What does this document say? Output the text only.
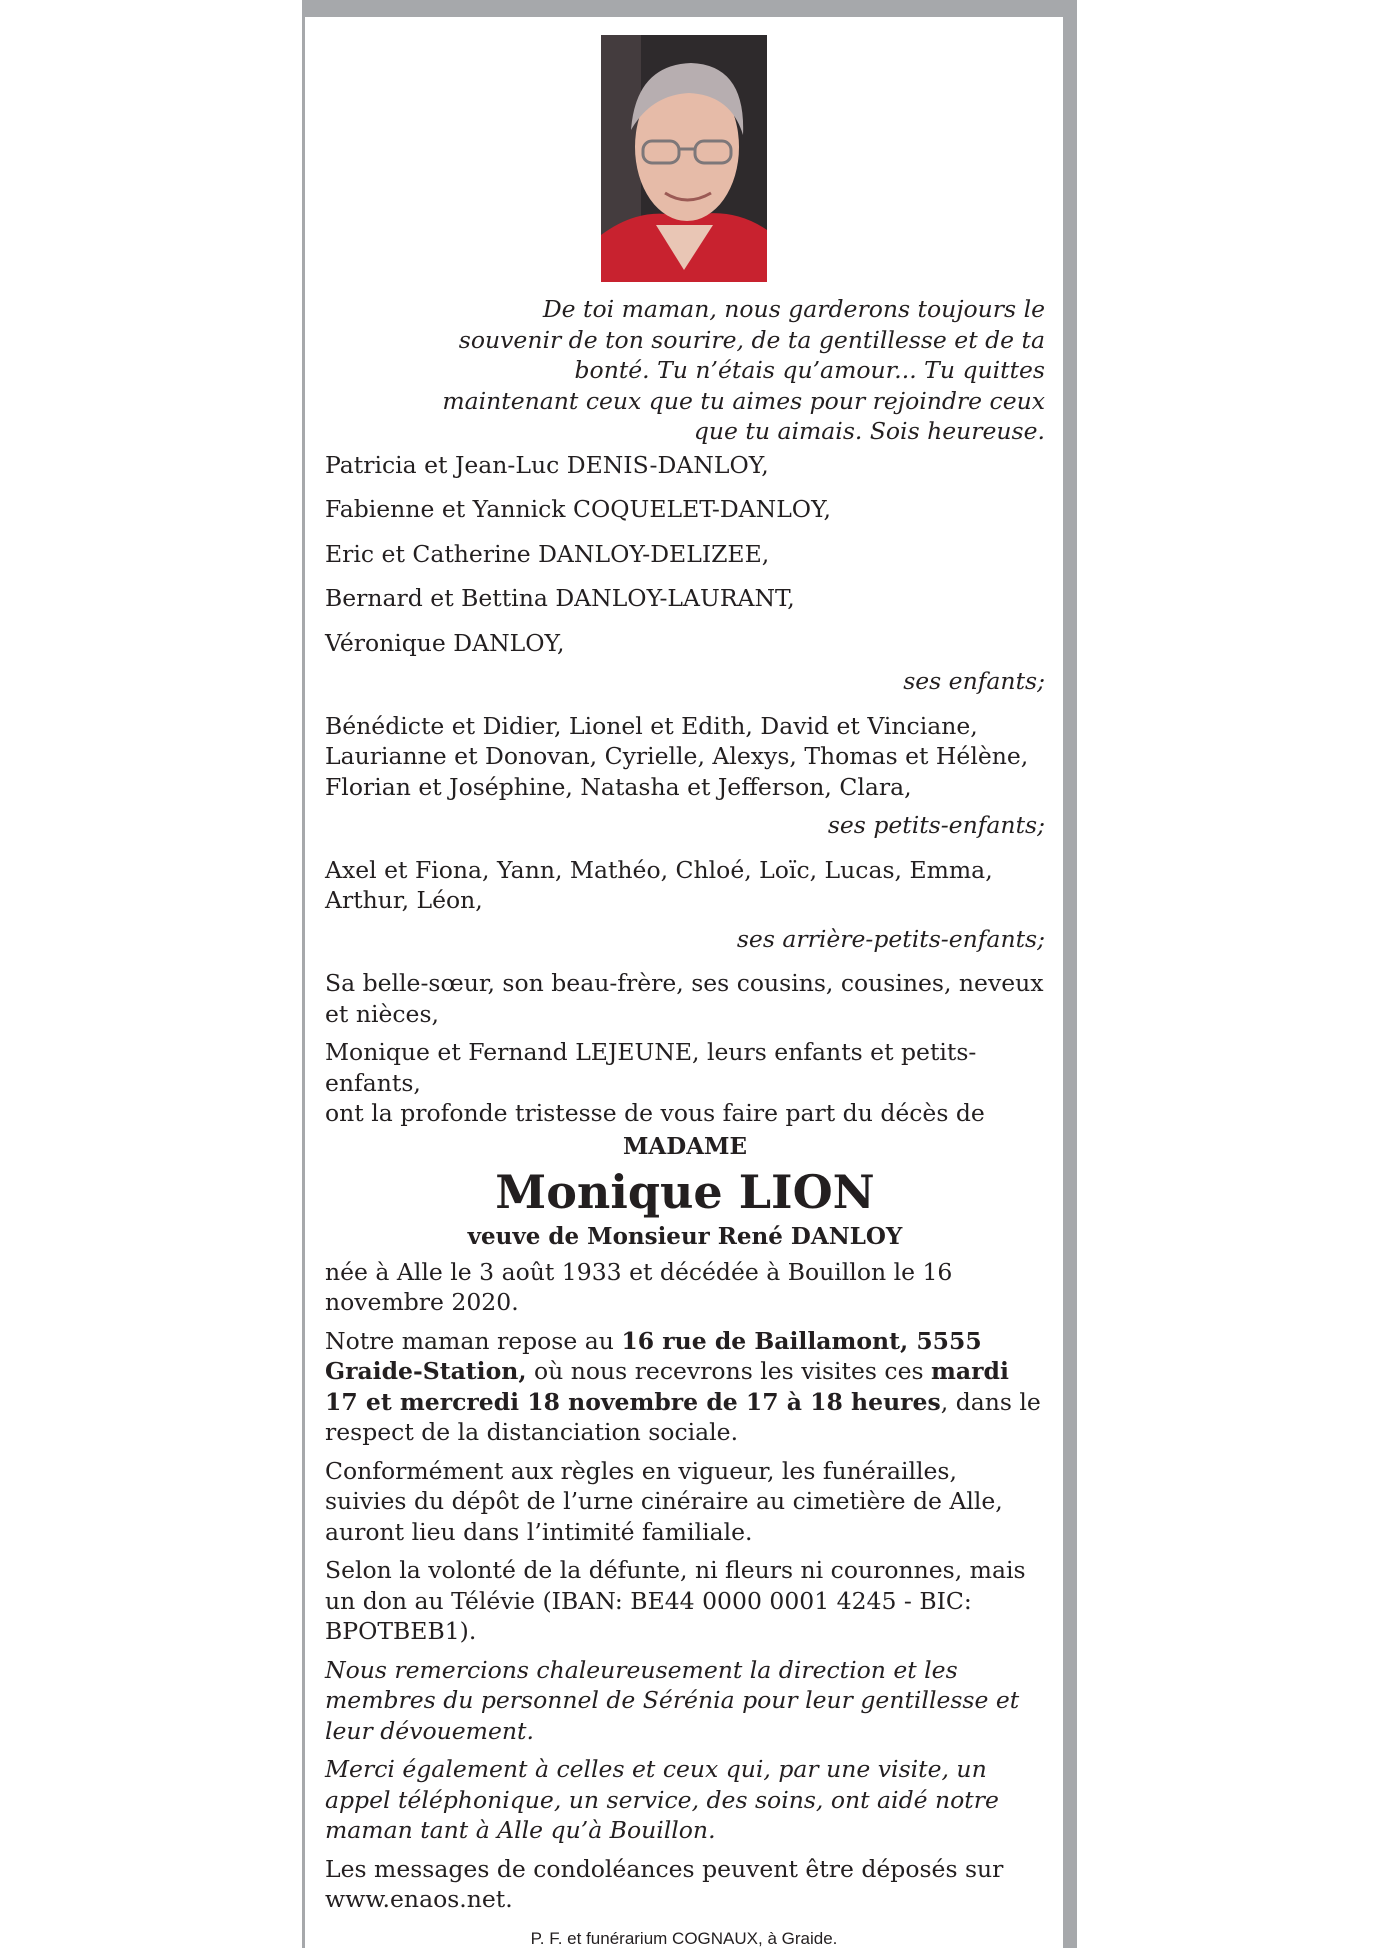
De toi maman, nous garderons toujours le souvenir de ton sourire, de ta gentillesse et de ta bonté. Tu n’étais qu’amour... Tu quittes maintenant ceux que tu aimes pour rejoindre ceux que tu aimais. Sois heureuse.

Patricia et Jean-Luc DENIS-DANLOY,

Fabienne et Yannick COQUELET-DANLOY,

Eric et Catherine DANLOY-DELIZEE,

Bernard et Bettina DANLOY-LAURANT,

Véronique DANLOY,

ses enfants;

Bénédicte et Didier, Lionel et Edith, David et Vinciane, Laurianne et Donovan, Cyrielle, Alexys, Thomas et Hélène, Florian et Joséphine, Natasha et Jefferson, Clara,

ses petits-enfants;

Axel et Fiona, Yann, Mathéo, Chloé, Loïc, Lucas, Emma, Arthur, Léon,

ses arrière-petits-enfants;

Sa belle-sœur, son beau-frère, ses cousins, cousines, neveux et nièces,

Monique et Fernand LEJEUNE, leurs enfants et petits-enfants,

ont la profonde tristesse de vous faire part du décès de

MADAME

Monique LION

veuve de Monsieur René DANLOY

née à Alle le 3 août 1933 et décédée à Bouillon le 16 novembre 2020.

Notre maman repose au 16 rue de Baillamont, 5555 Graide-Station, où nous recevrons les visites ces mardi 17 et mercredi 18 novembre de 17 à 18 heures, dans le respect de la distanciation sociale.

Conformément aux règles en vigueur, les funérailles, suivies du dépôt de l’urne cinéraire au cimetière de Alle, auront lieu dans l’intimité familiale.

Selon la volonté de la défunte, ni fleurs ni couronnes, mais un don au Télévie (IBAN: BE44 0000 0001 4245 - BIC: BPOTBEB1).

Nous remercions chaleureusement la direction et les membres du personnel de Sérénia pour leur gentillesse et leur dévouement.

Merci également à celles et ceux qui, par une visite, un appel téléphonique, un service, des soins, ont aidé notre maman tant à Alle qu’à Bouillon.

Les messages de condoléances peuvent être déposés sur www.enaos.net.

P. F. et funérarium COGNAUX, à Graide.
